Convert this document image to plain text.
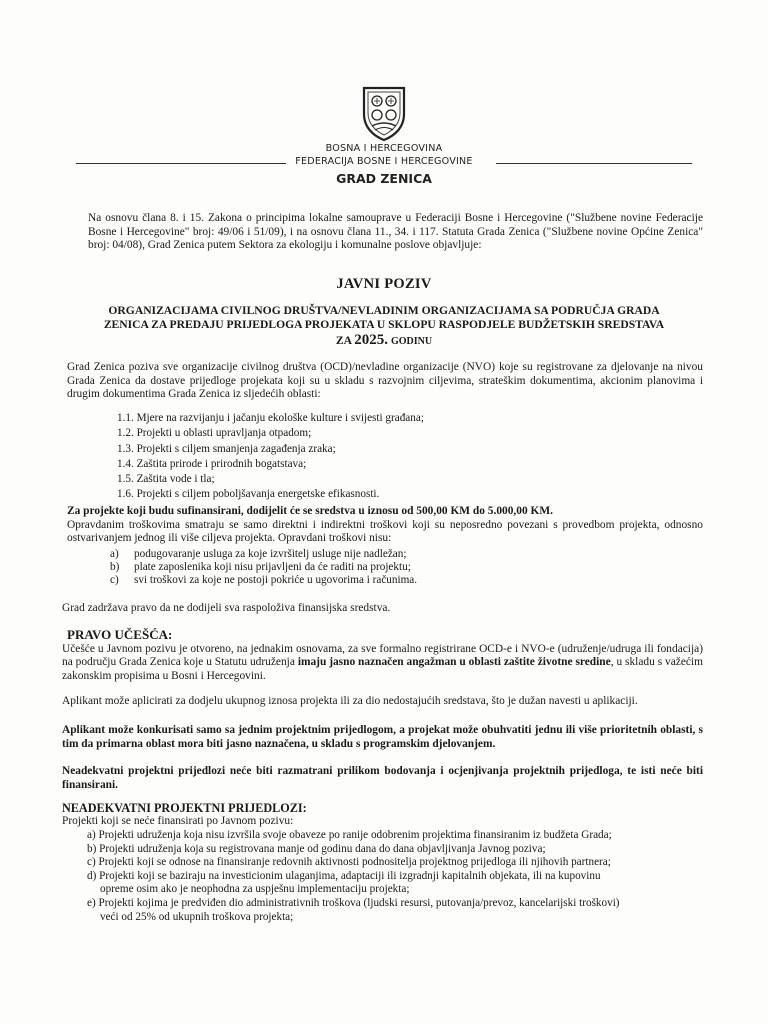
BOSNA I HERCEGOVINA
FEDERACIJA BOSNE I HERCEGOVINE
GRAD ZENICA

Na osnovu člana 8. i 15. Zakona o principima lokalne samouprave u Federaciji Bosne i Hercegovine ("Službene novine Federacije Bosne i Hercegovine" broj: 49/06 i 51/09), i na osnovu člana 11., 34. i 117. Statuta Grada Zenica ("Službene novine Općine Zenica" broj: 04/08), Grad Zenica putem Sektora za ekologiju i komunalne poslove objavljuje:

JAVNI POZIV
ORGANIZACIJAMA CIVILNOG DRUŠTVA/NEVLADINIM ORGANIZACIJAMA SA PODRUČJA GRADA
ZENICA ZA PREDAJU PRIJEDLOGA PROJEKATA U SKLOPU RASPODJELE BUDŽETSKIH SREDSTAVA
ZA 2025. GODINU

Grad Zenica poziva sve organizacije civilnog društva (OCD)/nevladine organizacije (NVO) koje su registrovane za djelovanje na nivou Grada Zenica da dostave prijedloge projekata koji su u skladu s razvojnim ciljevima, strateškim dokumentima, akcionim planovima i drugim dokumentima Grada Zenica iz sljedećih oblasti:

1.1. Mjere na razvijanju i jačanju ekološke kulture i svijesti građana;
1.2. Projekti u oblasti upravljanja otpadom;
1.3. Projekti s ciljem smanjenja zagađenja zraka;
1.4. Zaštita prirode i prirodnih bogatstava;
1.5. Zaštita vode i tla;
1.6. Projekti s ciljem poboljšavanja energetske efikasnosti.
Za projekte koji budu sufinansirani, dodijelit će se sredstva u iznosu od 500,00 KM do 5.000,00 KM.

Opravdanim troškovima smatraju se samo direktni i indirektni troškovi koji su neposredno povezani s provedbom projekta, odnosno ostvarivanjem jednog ili više ciljeva projekta. Opravdani troškovi nisu:

a) podugovaranje usluga za koje izvršitelj usluge nije nadležan;
b) plate zaposlenika koji nisu prijavljeni da će raditi na projektu;
c) svi troškovi za koje ne postoji pokriće u ugovorima i računima.
Grad zadržava pravo da ne dodijeli sva raspoloživa finansijska sredstva.
PRAVO UČEŠĆA:

Učešće u Javnom pozivu je otvoreno, na jednakim osnovama, za sve formalno registrirane OCD-e i NVO-e (udruženje/udruga ili fondacija) na području Grada Zenica koje u Statutu udruženja imaju jasno naznačen angažman u oblasti zaštite životne sredine, u skladu s važećim zakonskim propisima u Bosni i Hercegovini.

Aplikant može aplicirati za dodjelu ukupnog iznosa projekta ili za dio nedostajućih sredstava, što je dužan navesti u aplikaciji.

Aplikant može konkurisati samo sa jednim projektnim prijedlogom, a projekat može obuhvatiti jednu ili više prioritetnih oblasti, s tim da primarna oblast mora biti jasno naznačena, u skladu s programskim djelovanjem.

Neadekvatni projektni prijedlozi neće biti razmatrani prilikom bodovanja i ocjenjivanja projektnih prijedloga, te isti neće biti finansirani.

NEADEKVATNI PROJEKTNI PRIJEDLOZI:
Projekti koji se neće finansirati po Javnom pozivu:
a) Projekti udruženja koja nisu izvršila svoje obaveze po ranije odobrenim projektima finansiranim iz budžeta Grada;
b) Projekti udruženja koja su registrovana manje od godinu dana do dana objavljivanja Javnog poziva;
c) Projekti koji se odnose na finansiranje redovnih aktivnosti podnositelja projektnog prijedloga ili njihovih partnera;
d) Projekti koji se baziraju na investicionim ulaganjima, adaptaciji ili izgradnji kapitalnih objekata, ili na kupovinu
opreme osim ako je neophodna za uspješnu implementaciju projekta;
e) Projekti kojima je predviđen dio administrativnih troškova (ljudski resursi, putovanja/prevoz, kancelarijski troškovi)
veći od 25% od ukupnih troškova projekta;
